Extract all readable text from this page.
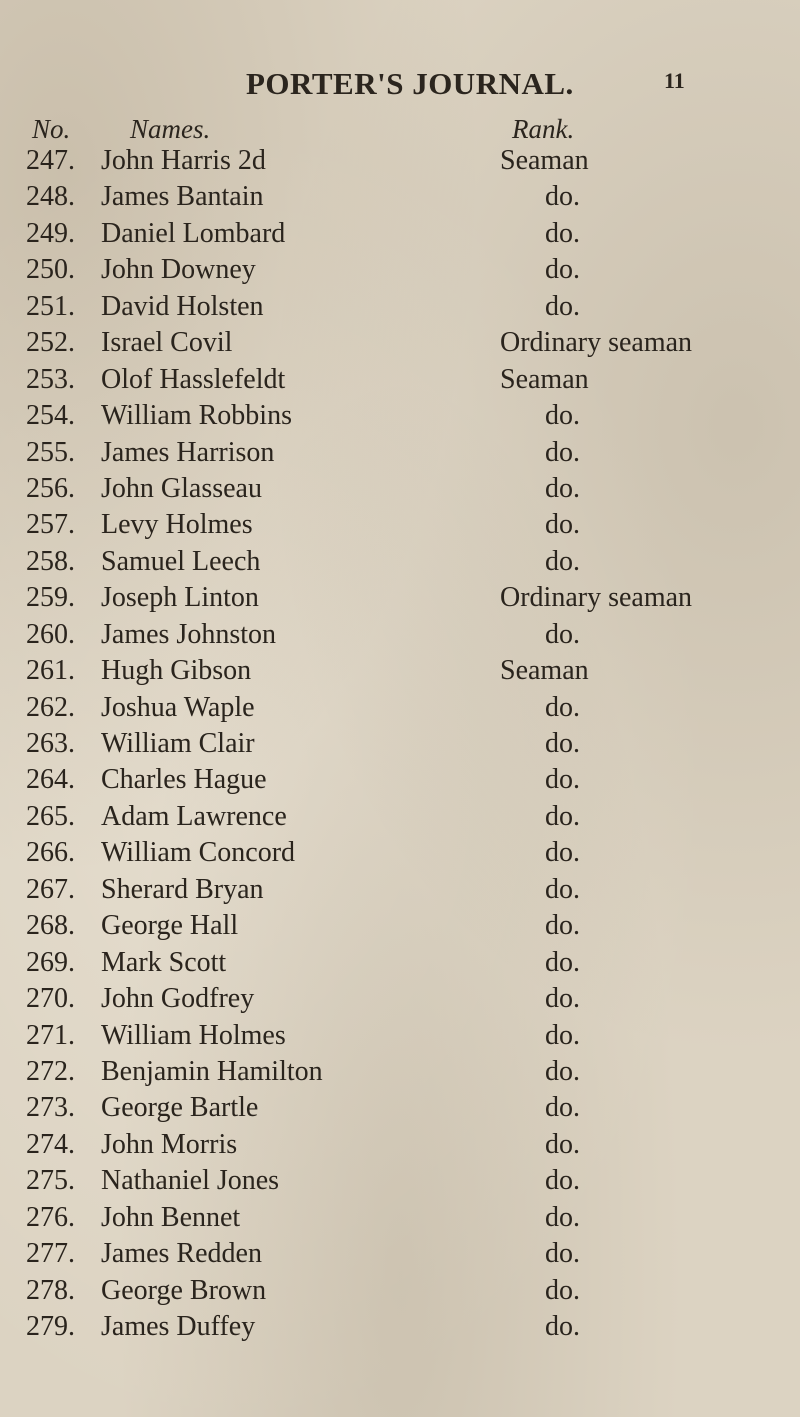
PORTER'S JOURNAL.	11
No. Names.	Rank.
247. John Harris 2d	Seaman
248. James Bantain	do.
249. Daniel Lombard	do.
250. John Downey	do.
251. David Holsten	do.
252. Israel Covil	Ordinary seaman
253. Olof Hasslefeldt	Seaman
254. William Robbins	do.
255. James Harrison	do.
256. John Glasseau	do.
257. Levy Holmes	do.
258. Samuel Leech	do.
259. Joseph Linton	Ordinary seaman
260. James Johnston	do.
261. Hugh Gibson	Seaman
262. Joshua Waple	do.
263. William Clair	do.
264. Charles Hague	do.
265. Adam Lawrence	do.
266. William Concord	do.
267. Sherard Bryan	do.
268. George Hall	do.
269. Mark Scott	do.
270. John Godfrey	do.
271. William Holmes	do.
272. Benjamin Hamilton	do.
273. George Bartle	do.
274. John Morris	do.
275. Nathaniel Jones	do.
276. John Bennet	do.
277. James Redden	do.
278. George Brown	do.
279. James Duffey	do.
